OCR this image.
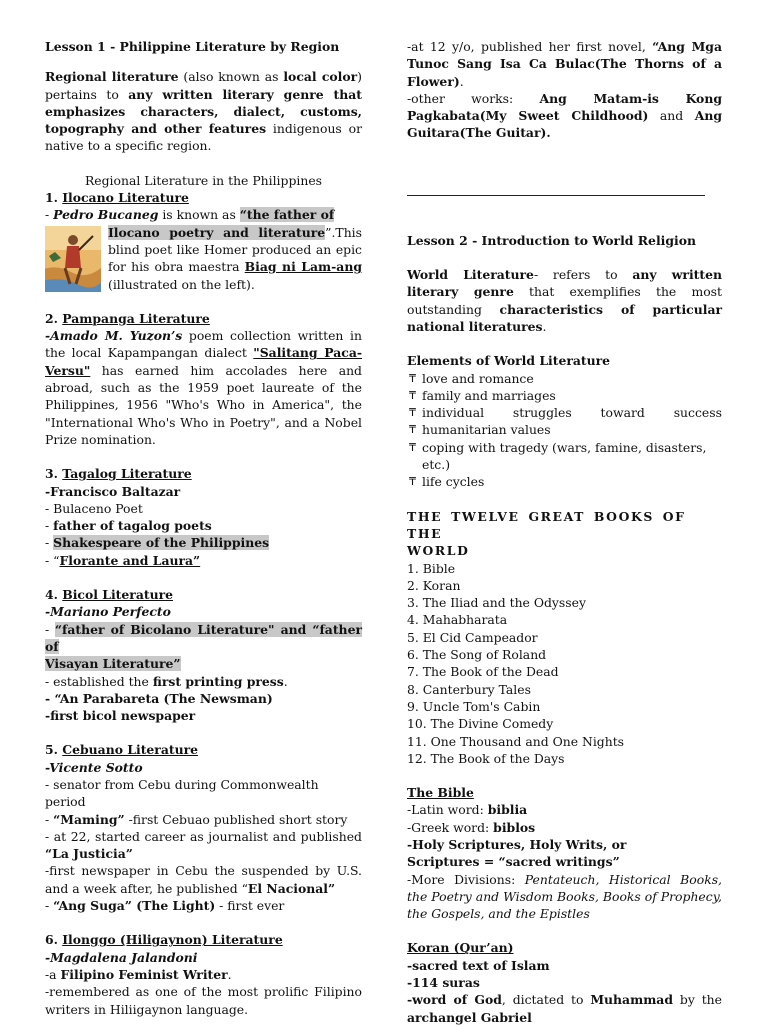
Lesson 1 - Philippine Literature by Region

Regional literature (also known as local color) pertains to any written literary genre that emphasizes characters, dialect, customs, topography and other features indigenous or native to a specific region.

Regional Literature in the Philippines

1. Ilocano Literature

- Pedro Bucaneg is known as “the father of

Ilocano poetry and literature”.This blind poet like Homer produced an epic for his obra maestra Biag ni Lam-ang (illustrated on the left).

2. Pampanga Literature

-Amado M. Yuzon’s poem collection written in the local Kapampangan dialect "Salitang Paca-Versu" has earned him accolades here and abroad, such as the 1959 poet laureate of the Philippines, 1956 "Who's Who in America", the "International Who's Who in Poetry", and a Nobel Prize nomination.

3. Tagalog Literature

-Francisco Baltazar

- Bulaceno Poet

- father of tagalog poets

- Shakespeare of the Philippines

- “Florante and Laura”

4. Bicol Literature

-Mariano Perfecto

- “father of Bicolano Literature" and “father of

Visayan Literature”

- established the first printing press.

- “An Parabareta (The Newsman)

-first bicol newspaper

5. Cebuano Literature

-Vicente Sotto

- senator from Cebu during Commonwealth period

- “Maming” -first Cebuao published short story

- at 22, started career as journalist and published “La Justicia”

-first newspaper in Cebu the suspended by U.S. and a week after, he published “El Nacional”

- “Ang Suga” (The Light) - first ever

6. Ilonggo (Hiligaynon) Literature

-Magdalena Jalandoni

-a Filipino Feminist Writer.

-remembered as one of the most prolific Filipino writers in Hiliigaynon language.

-at 12 y/o, published her first novel, “Ang Mga Tunoc Sang Isa Ca Bulac(The Thorns of a Flower).

-other works: Ang Matam-is Kong Pagkabata(My Sweet Childhood) and Ang Guitara(The Guitar).

Lesson 2 - Introduction to World Religion

World Literature- refers to any written literary genre that exemplifies the most outstanding characteristics of particular national literatures.

Elements of World Literature

₸ love and romance
₸ family and marriages
₸ individual struggles toward success
₸ humanitarian values
₸ coping with tragedy (wars, famine, disasters, etc.)
₸ life cycles

THE TWELVE GREAT BOOKS OF THE

WORLD

1. Bible
2. Koran
3. The Iliad and the Odyssey
4. Mahabharata
5. El Cid Campeador
6. The Song of Roland
7. The Book of the Dead
8. Canterbury Tales
9. Uncle Tom's Cabin
10. The Divine Comedy
11. One Thousand and One Nights
12. The Book of the Days

The Bible

-Latin word: biblia

-Greek word: biblos

-Holy Scriptures, Holy Writs, or

Scriptures = “sacred writings”

-More Divisions: Pentateuch, Historical Books, the Poetry and Wisdom Books, Books of Prophecy, the Gospels, and the Epistles

Koran (Qur’an)

-sacred text of Islam

-114 suras

-word of God, dictated to Muhammad by the archangel Gabriel
